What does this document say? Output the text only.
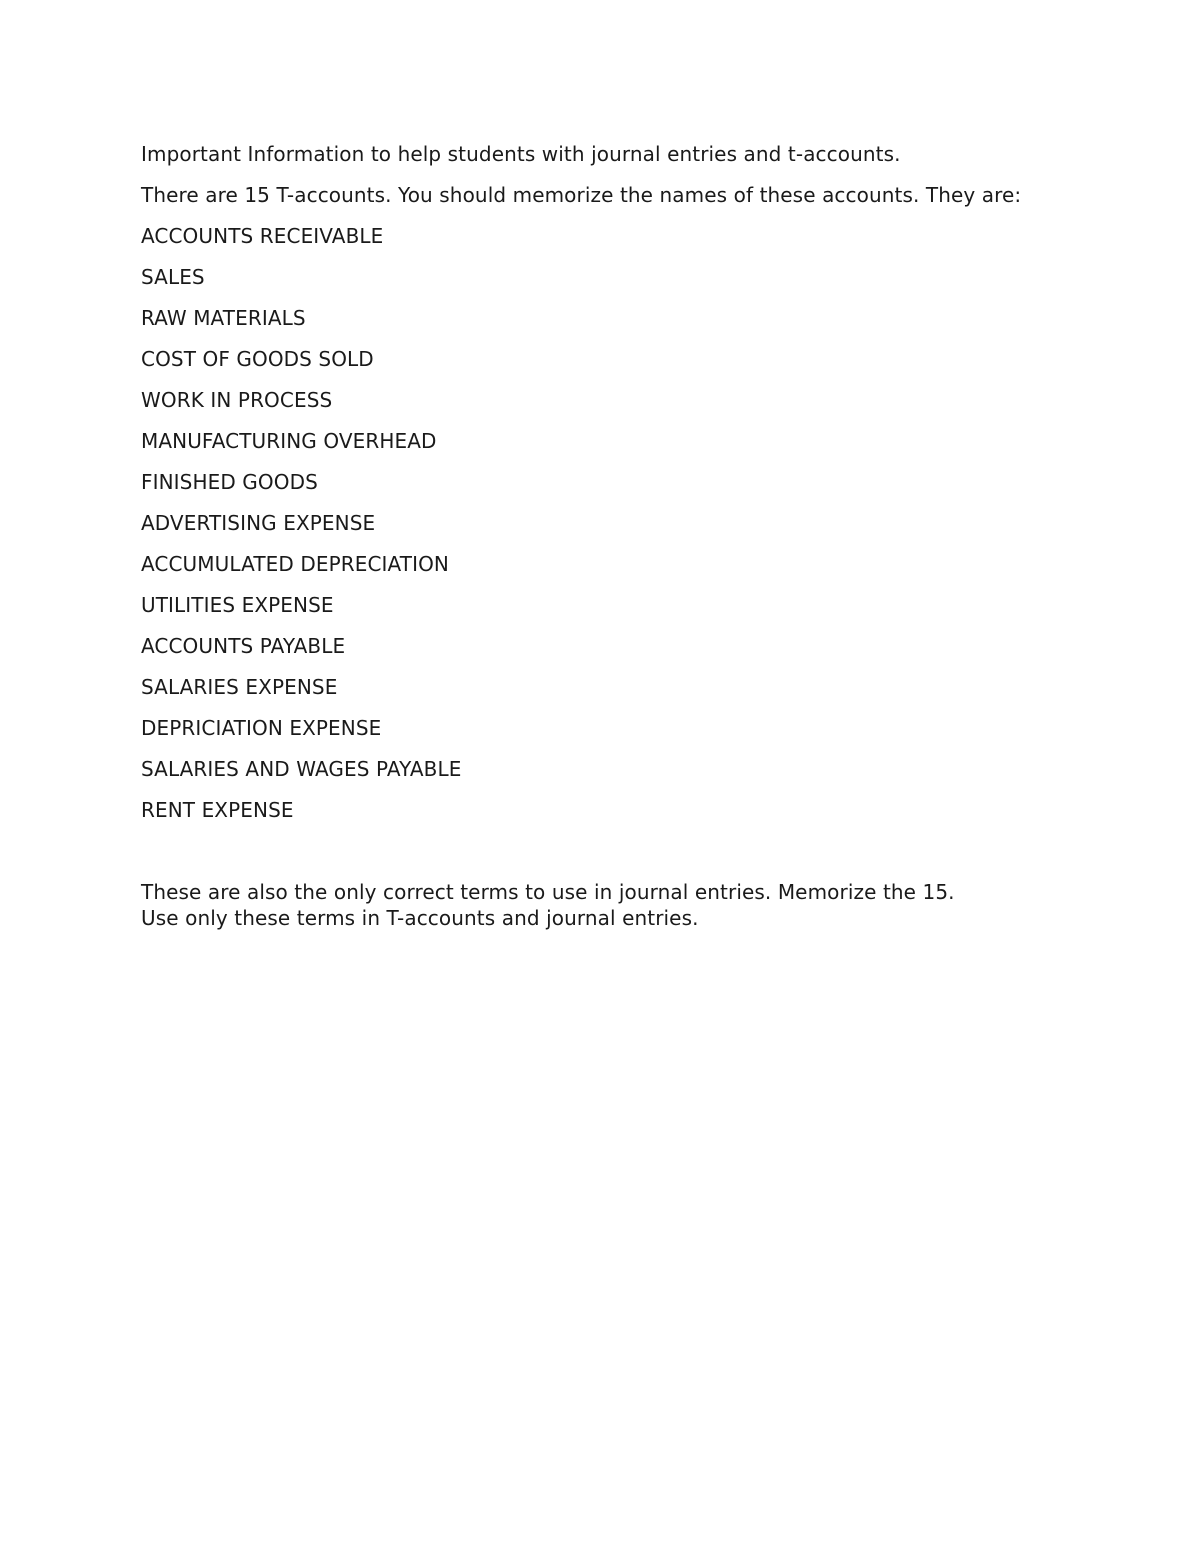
Important Information to help students with journal entries and t-accounts.

There are 15 T-accounts. You should memorize the names of these accounts. They are:

ACCOUNTS RECEIVABLE
SALES
RAW MATERIALS
COST OF GOODS SOLD
WORK IN PROCESS
MANUFACTURING OVERHEAD
FINISHED GOODS
ADVERTISING EXPENSE
ACCUMULATED DEPRECIATION
UTILITIES EXPENSE
ACCOUNTS PAYABLE
SALARIES EXPENSE
DEPRICIATION EXPENSE
SALARIES AND WAGES PAYABLE
RENT EXPENSE

These are also the only correct terms to use in journal entries. Memorize the 15.
Use only these terms in T-accounts and journal entries.
